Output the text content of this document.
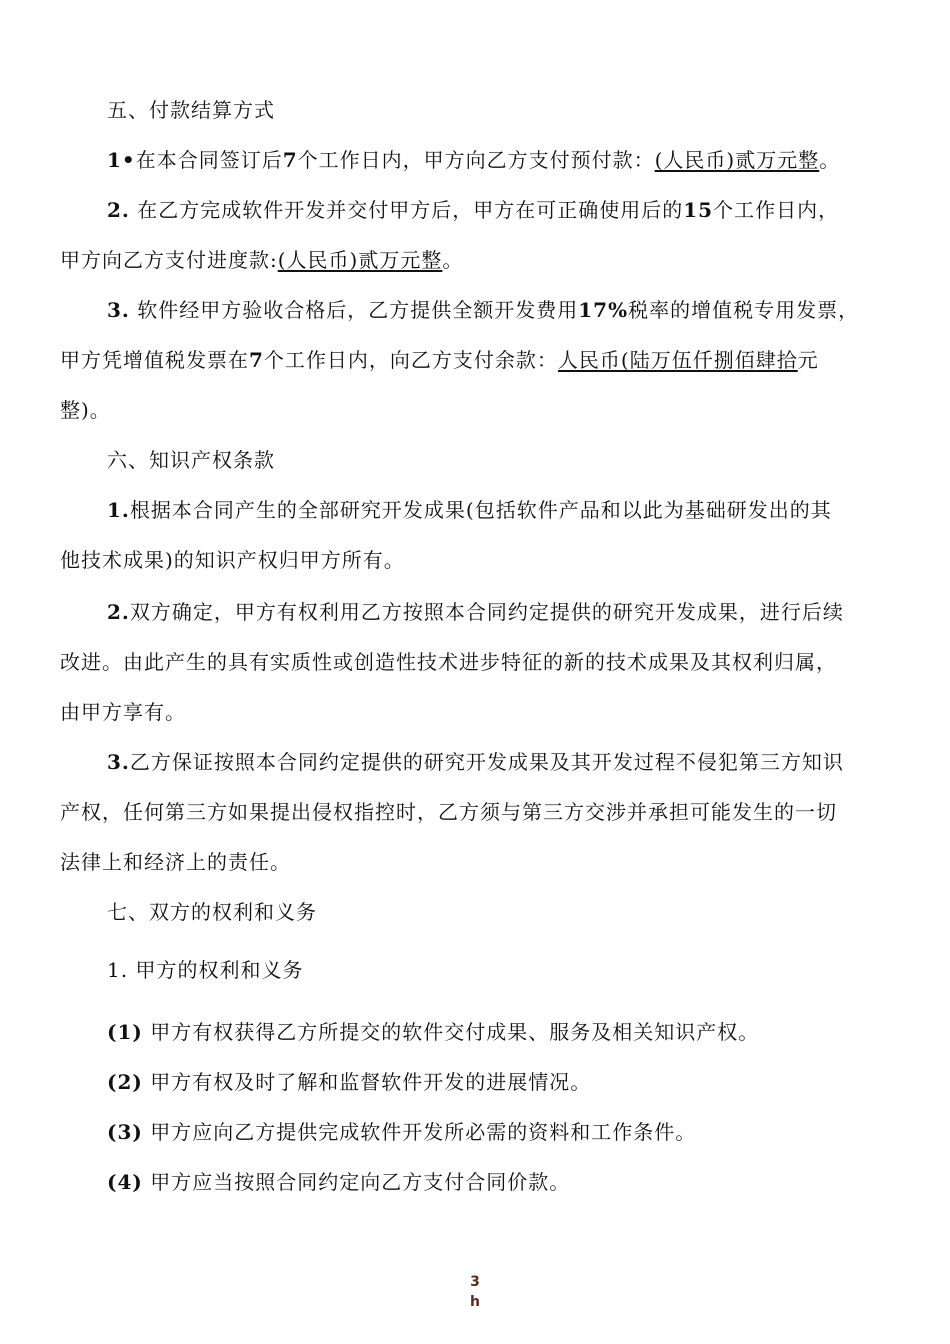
五、付款结算方式
1•在本合同签订后7个工作日内，甲方向乙方支付预付款：(人民币)贰万元整。
2. 在乙方完成软件开发并交付甲方后，甲方在可正确使用后的15个工作日内，
甲方向乙方支付进度款:(人民币)贰万元整。
3. 软件经甲方验收合格后，乙方提供全额开发费用17%税率的增值税专用发票，
甲方凭增值税发票在7个工作日内，向乙方支付余款：人民币(陆万伍仟捌佰肆拾元
整)。
六、知识产权条款
1.根据本合同产生的全部研究开发成果(包括软件产品和以此为基础研发出的其
他技术成果)的知识产权归甲方所有。
2.双方确定，甲方有权利用乙方按照本合同约定提供的研究开发成果，进行后续
改进。由此产生的具有实质性或创造性技术进步特征的新的技术成果及其权利归属，
由甲方享有。
3.乙方保证按照本合同约定提供的研究开发成果及其开发过程不侵犯第三方知识
产权，任何第三方如果提出侵权指控时，乙方须与第三方交涉并承担可能发生的一切
法律上和经济上的责任。
七、双方的权利和义务
1. 甲方的权利和义务
(1) 甲方有权获得乙方所提交的软件交付成果、服务及相关知识产权。
(2) 甲方有权及时了解和监督软件开发的进展情况。
(3) 甲方应向乙方提供完成软件开发所必需的资料和工作条件。
(4) 甲方应当按照合同约定向乙方支付合同价款。
3
h
